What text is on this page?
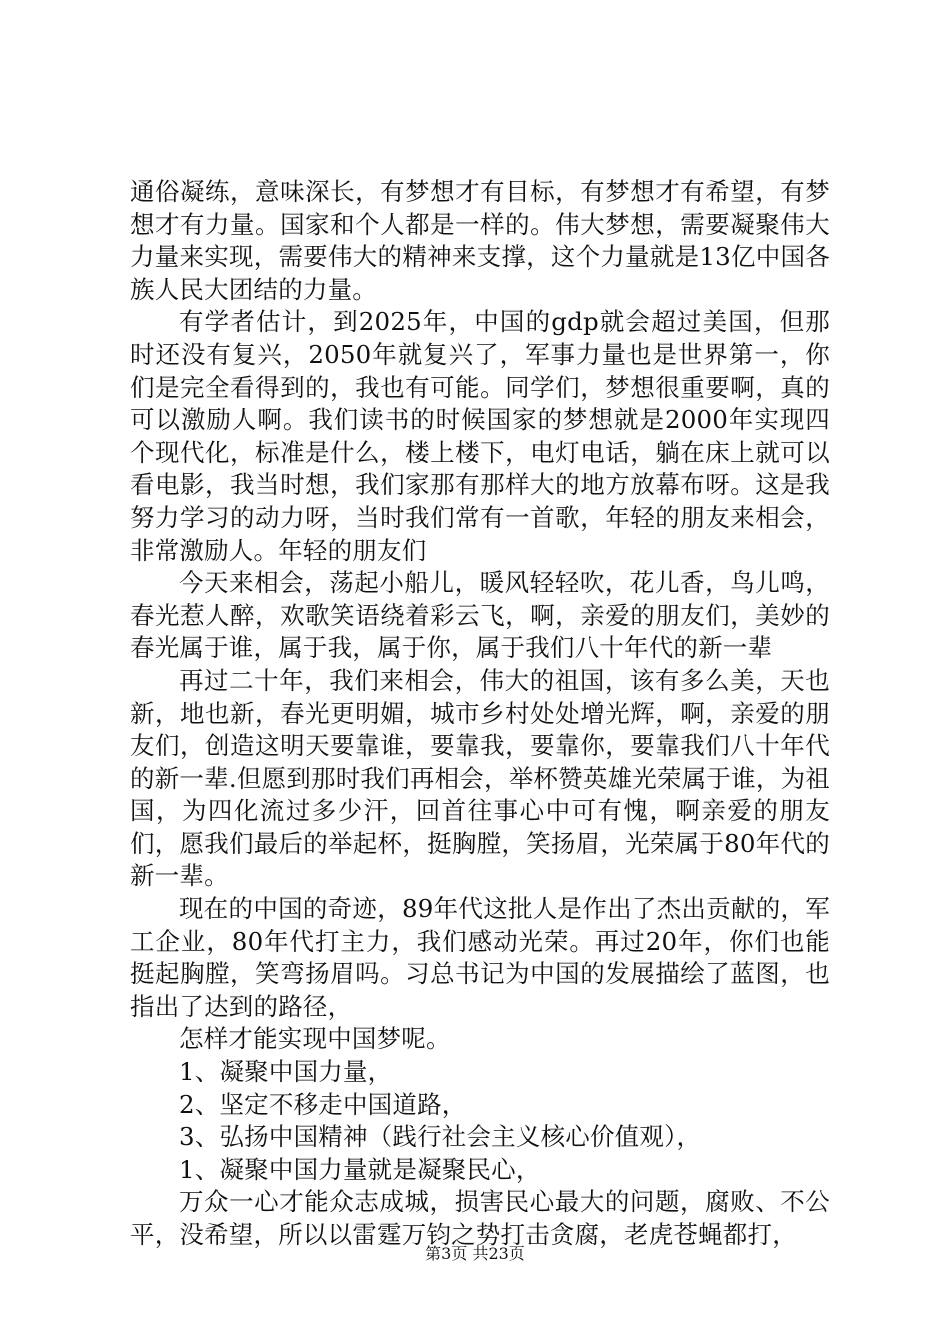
通俗凝练，意味深长，有梦想才有目标，有梦想才有希望，有梦想才有力量。国家和个人都是一样的。伟大梦想，需要凝聚伟大力量来实现，需要伟大的精神来支撑，这个力量就是13亿中国各族人民大团结的力量。

有学者估计，到2025年，中国的gdp就会超过美国，但那时还没有复兴，2050年就复兴了，军事力量也是世界第一，你们是完全看得到的，我也有可能。同学们，梦想很重要啊，真的可以激励人啊。我们读书的时候国家的梦想就是2000年实现四个现代化，标准是什么，楼上楼下，电灯电话，躺在床上就可以看电影，我当时想，我们家那有那样大的地方放幕布呀。这是我努力学习的动力呀，当时我们常有一首歌，年轻的朋友来相会，非常激励人。年轻的朋友们

今天来相会，荡起小船儿，暖风轻轻吹，花儿香，鸟儿鸣，春光惹人醉，欢歌笑语绕着彩云飞，啊，亲爱的朋友们，美妙的春光属于谁，属于我，属于你，属于我们八十年代的新一辈

再过二十年，我们来相会，伟大的祖国，该有多么美，天也新，地也新，春光更明媚，城市乡村处处增光辉，啊，亲爱的朋友们，创造这明天要靠谁，要靠我，要靠你，要靠我们八十年代的新一辈.但愿到那时我们再相会，举杯赞英雄光荣属于谁，为祖国，为四化流过多少汗，回首往事心中可有愧，啊亲爱的朋友们，愿我们最后的举起杯，挺胸膛，笑扬眉，光荣属于80年代的新一辈。

现在的中国的奇迹，89年代这批人是作出了杰出贡献的，军工企业，80年代打主力，我们感动光荣。再过20年，你们也能挺起胸膛，笑弯扬眉吗。习总书记为中国的发展描绘了蓝图，也指出了达到的路径，

怎样才能实现中国梦呢。

1、凝聚中国力量，

2、坚定不移走中国道路，

3、弘扬中国精神（践行社会主义核心价值观），

1、凝聚中国力量就是凝聚民心，

万众一心才能众志成城，损害民心最大的问题，腐败、不公平，没希望，所以以雷霆万钧之势打击贪腐，老虎苍蝇都打，

第3页 共23页
